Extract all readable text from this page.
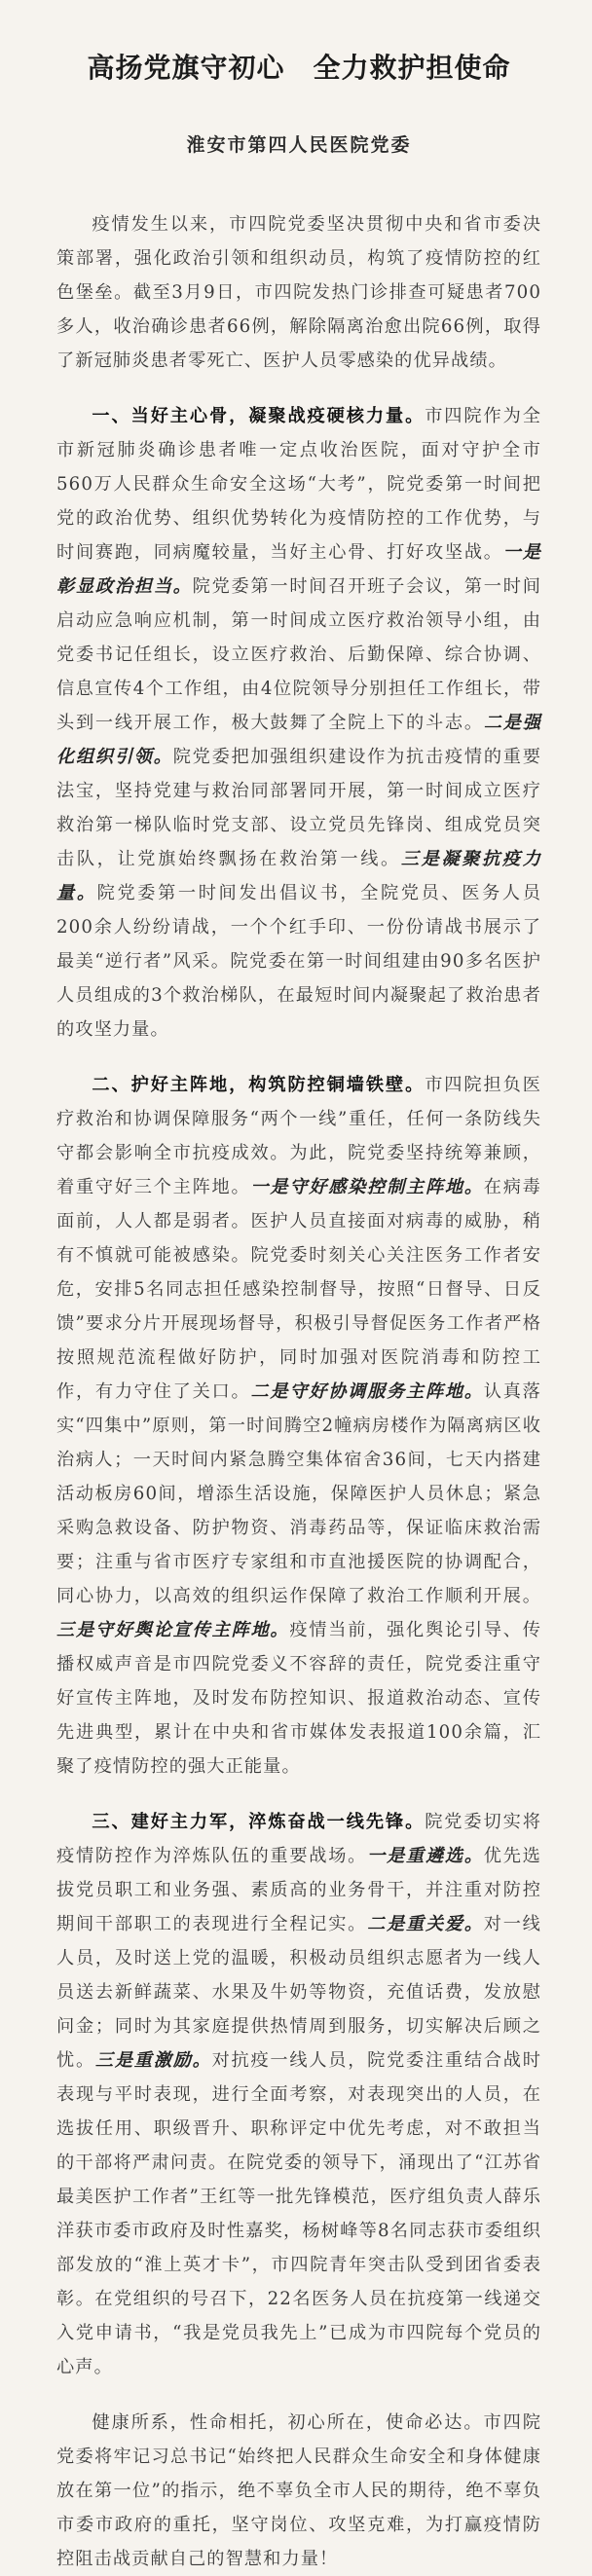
高扬党旗守初心　全力救护担使命
淮安市第四人民医院党委

疫情发生以来，市四院党委坚决贯彻中央和省市委决策部署，强化政治引领和组织动员，构筑了疫情防控的红色堡垒。截至3月9日，市四院发热门诊排查可疑患者700多人，收治确诊患者66例，解除隔离治愈出院66例，取得了新冠肺炎患者零死亡、医护人员零感染的优异战绩。

一、当好主心骨，凝聚战疫硬核力量。市四院作为全市新冠肺炎确诊患者唯一定点收治医院，面对守护全市560万人民群众生命安全这场“大考”，院党委第一时间把党的政治优势、组织优势转化为疫情防控的工作优势，与时间赛跑，同病魔较量，当好主心骨、打好攻坚战。一是彰显政治担当。院党委第一时间召开班子会议，第一时间启动应急响应机制，第一时间成立医疗救治领导小组，由党委书记任组长，设立医疗救治、后勤保障、综合协调、信息宣传4个工作组，由4位院领导分别担任工作组长，带头到一线开展工作，极大鼓舞了全院上下的斗志。二是强化组织引领。院党委把加强组织建设作为抗击疫情的重要法宝，坚持党建与救治同部署同开展，第一时间成立医疗救治第一梯队临时党支部、设立党员先锋岗、组成党员突击队，让党旗始终飘扬在救治第一线。三是凝聚抗疫力量。院党委第一时间发出倡议书，全院党员、医务人员200余人纷纷请战，一个个红手印、一份份请战书展示了最美“逆行者”风采。院党委在第一时间组建由90多名医护人员组成的3个救治梯队，在最短时间内凝聚起了救治患者的攻坚力量。

二、护好主阵地，构筑防控铜墙铁壁。市四院担负医疗救治和协调保障服务“两个一线”重任，任何一条防线失守都会影响全市抗疫成效。为此，院党委坚持统筹兼顾，着重守好三个主阵地。一是守好感染控制主阵地。在病毒面前，人人都是弱者。医护人员直接面对病毒的威胁，稍有不慎就可能被感染。院党委时刻关心关注医务工作者安危，安排5名同志担任感染控制督导，按照“日督导、日反馈”要求分片开展现场督导，积极引导督促医务工作者严格按照规范流程做好防护，同时加强对医院消毒和防控工作，有力守住了关口。二是守好协调服务主阵地。认真落实“四集中”原则，第一时间腾空2幢病房楼作为隔离病区收治病人；一天时间内紧急腾空集体宿舍36间，七天内搭建活动板房60间，增添生活设施，保障医护人员休息；紧急采购急救设备、防护物资、消毒药品等，保证临床救治需要；注重与省市医疗专家组和市直池援医院的协调配合，同心协力，以高效的组织运作保障了救治工作顺利开展。三是守好舆论宣传主阵地。疫情当前，强化舆论引导、传播权威声音是市四院党委义不容辞的责任，院党委注重守好宣传主阵地，及时发布防控知识、报道救治动态、宣传先进典型，累计在中央和省市媒体发表报道100余篇，汇聚了疫情防控的强大正能量。

三、建好主力军，淬炼奋战一线先锋。院党委切实将疫情防控作为淬炼队伍的重要战场。一是重遴选。优先选拔党员职工和业务强、素质高的业务骨干，并注重对防控期间干部职工的表现进行全程记实。二是重关爱。对一线人员，及时送上党的温暖，积极动员组织志愿者为一线人员送去新鲜蔬菜、水果及牛奶等物资，充值话费，发放慰问金；同时为其家庭提供热情周到服务，切实解决后顾之忧。三是重激励。对抗疫一线人员，院党委注重结合战时表现与平时表现，进行全面考察，对表现突出的人员，在选拔任用、职级晋升、职称评定中优先考虑，对不敢担当的干部将严肃问责。在院党委的领导下，涌现出了“江苏省最美医护工作者”王红等一批先锋模范，医疗组负责人薛乐洋获市委市政府及时性嘉奖，杨树峰等8名同志获市委组织部发放的“淮上英才卡”，市四院青年突击队受到团省委表彰。在党组织的号召下，22名医务人员在抗疫第一线递交入党申请书，“我是党员我先上”已成为市四院每个党员的心声。

健康所系，性命相托，初心所在，使命必达。市四院党委将牢记习总书记“始终把人民群众生命安全和身体健康放在第一位”的指示，绝不辜负全市人民的期待，绝不辜负市委市政府的重托，坚守岗位、攻坚克难，为打赢疫情防控阻击战贡献自己的智慧和力量！
